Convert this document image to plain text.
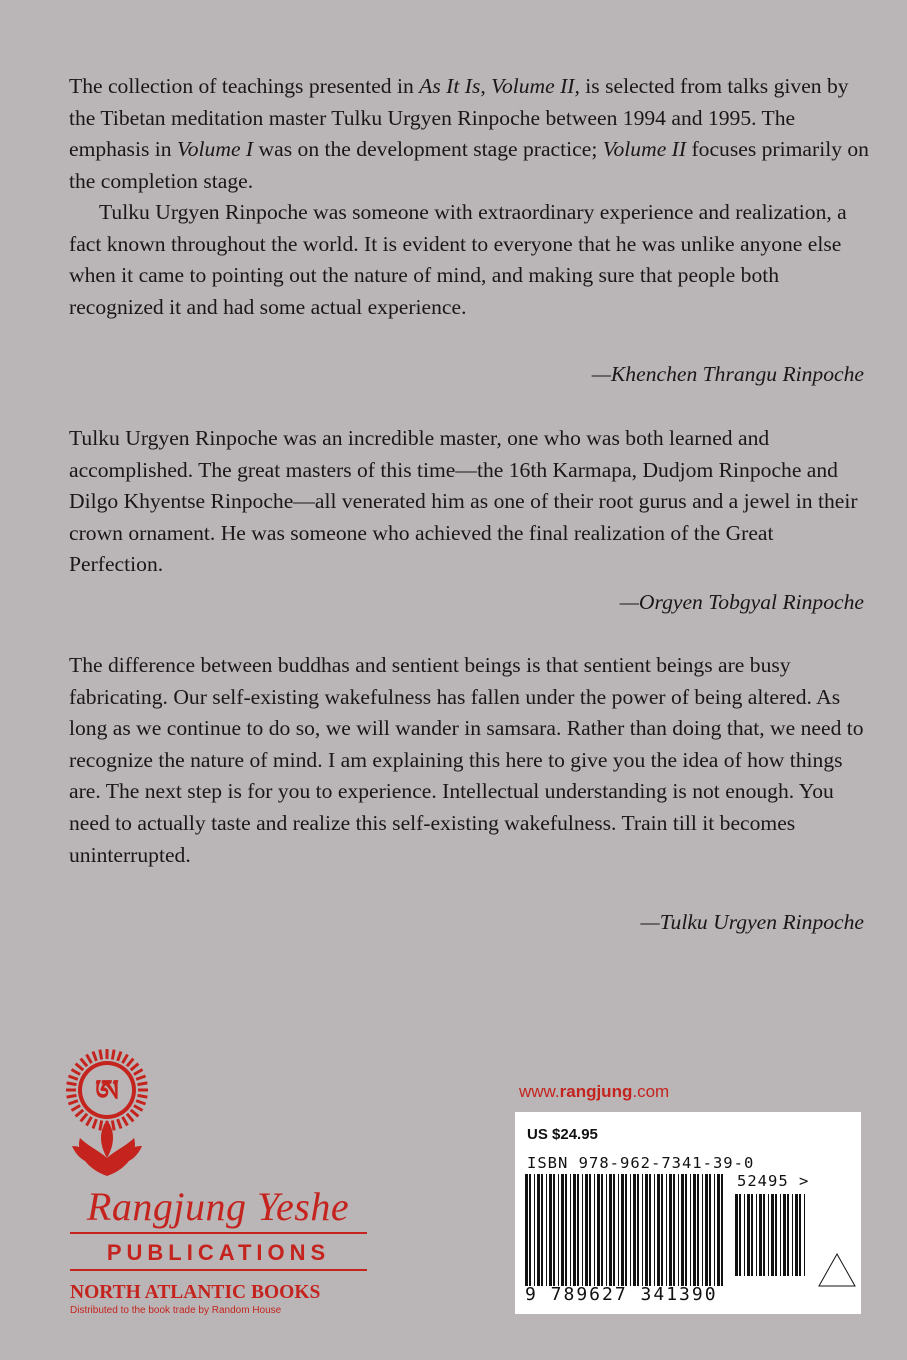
The collection of teachings presented in As It Is, Volume II, is selected from talks given by the Tibetan meditation master Tulku Urgyen Rinpoche between 1994 and 1995. The emphasis in Volume I was on the development stage practice; Volume II focuses primarily on the completion stage.
Tulku Urgyen Rinpoche was someone with extraordinary experience and realization, a fact known throughout the world. It is evident to everyone that he was unlike anyone else when it came to pointing out the nature of mind, and making sure that people both recognized it and had some actual experience.

—Khenchen Thrangu Rinpoche

Tulku Urgyen Rinpoche was an incredible master, one who was both learned and accomplished. The great masters of this time—the 16th Karmapa, Dudjom Rinpoche and Dilgo Khyentse Rinpoche—all venerated him as one of their root gurus and a jewel in their crown ornament. He was someone who achieved the final realization of the Great Perfection.

—Orgyen Tobgyal Rinpoche

The difference between buddhas and sentient beings is that sentient beings are busy fabricating. Our self-existing wakefulness has fallen under the power of being altered. As long as we continue to do so, we will wander in samsara. Rather than doing that, we need to recognize the nature of mind. I am explaining this here to give you the idea of how things are. The next step is for you to experience. Intellectual understanding is not enough. You need to actually taste and realize this self-existing wakefulness. Train till it becomes uninterrupted.

—Tulku Urgyen Rinpoche

ཨ
Rangjung Yeshe
PUBLICATIONS
NORTH ATLANTIC BOOKS
Distributed to the book trade by Random House
www.rangjung.com
US $24.95
ISBN 978-962-7341-39-0
52495 >
9 789627 341390
